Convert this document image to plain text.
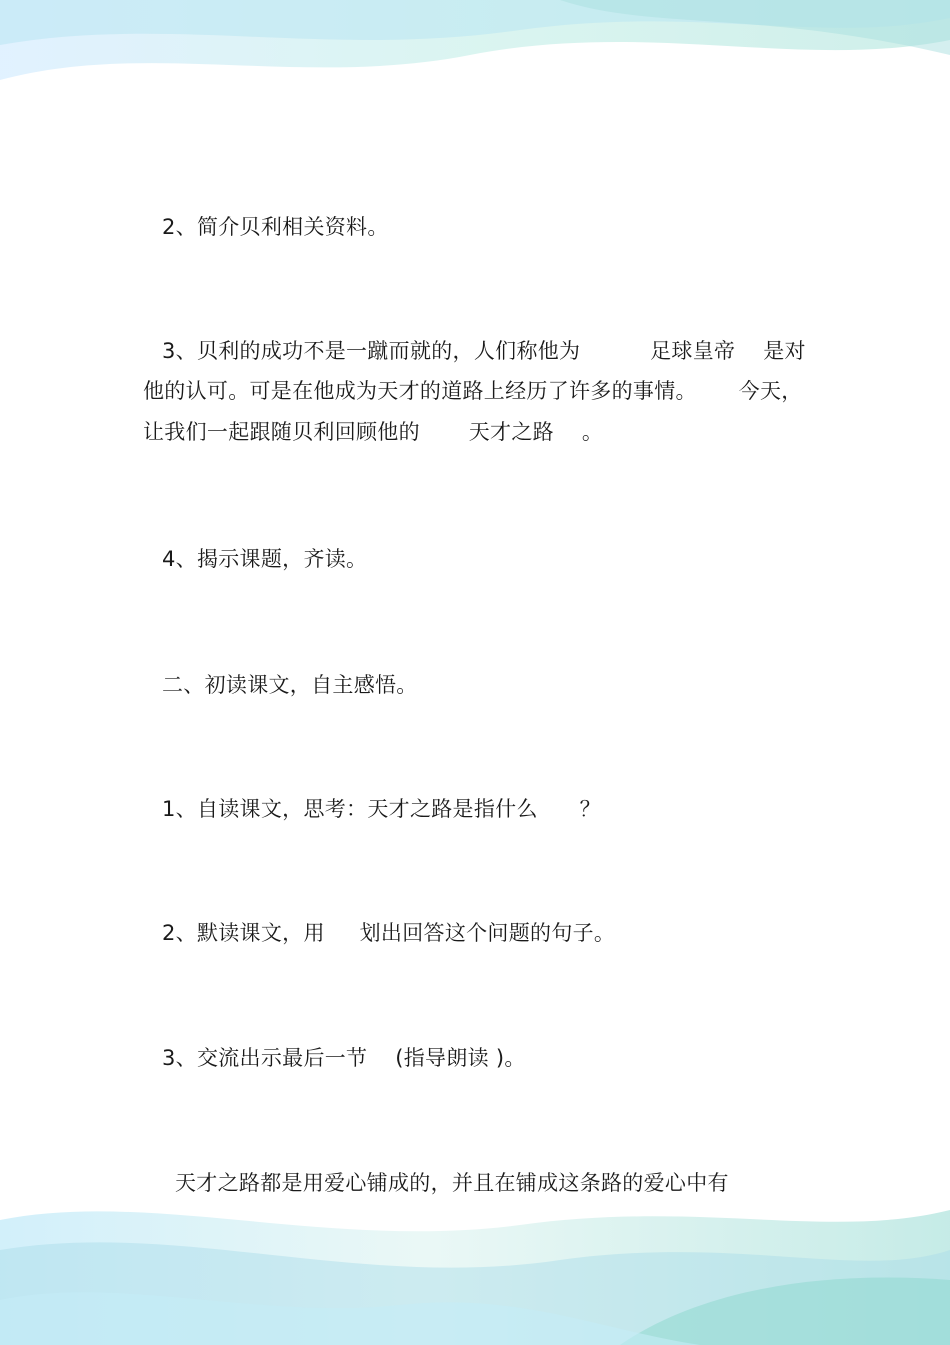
2、简介贝利相关资料。
3、贝利的成功不是一蹴而就的，人们称他为          足球皇帝    是对
他的认可。可是在他成为天才的道路上经历了许多的事情。      今天，
让我们一起跟随贝利回顾他的       天才之路    。
4、揭示课题，齐读。
二、初读课文，自主感悟。
1、自读课文，思考：天才之路是指什么      ？
2、默读课文，用     划出回答这个问题的句子。
3、交流出示最后一节    (指导朗读 )。
天才之路都是用爱心铺成的，并且在铺成这条路的爱心中有
